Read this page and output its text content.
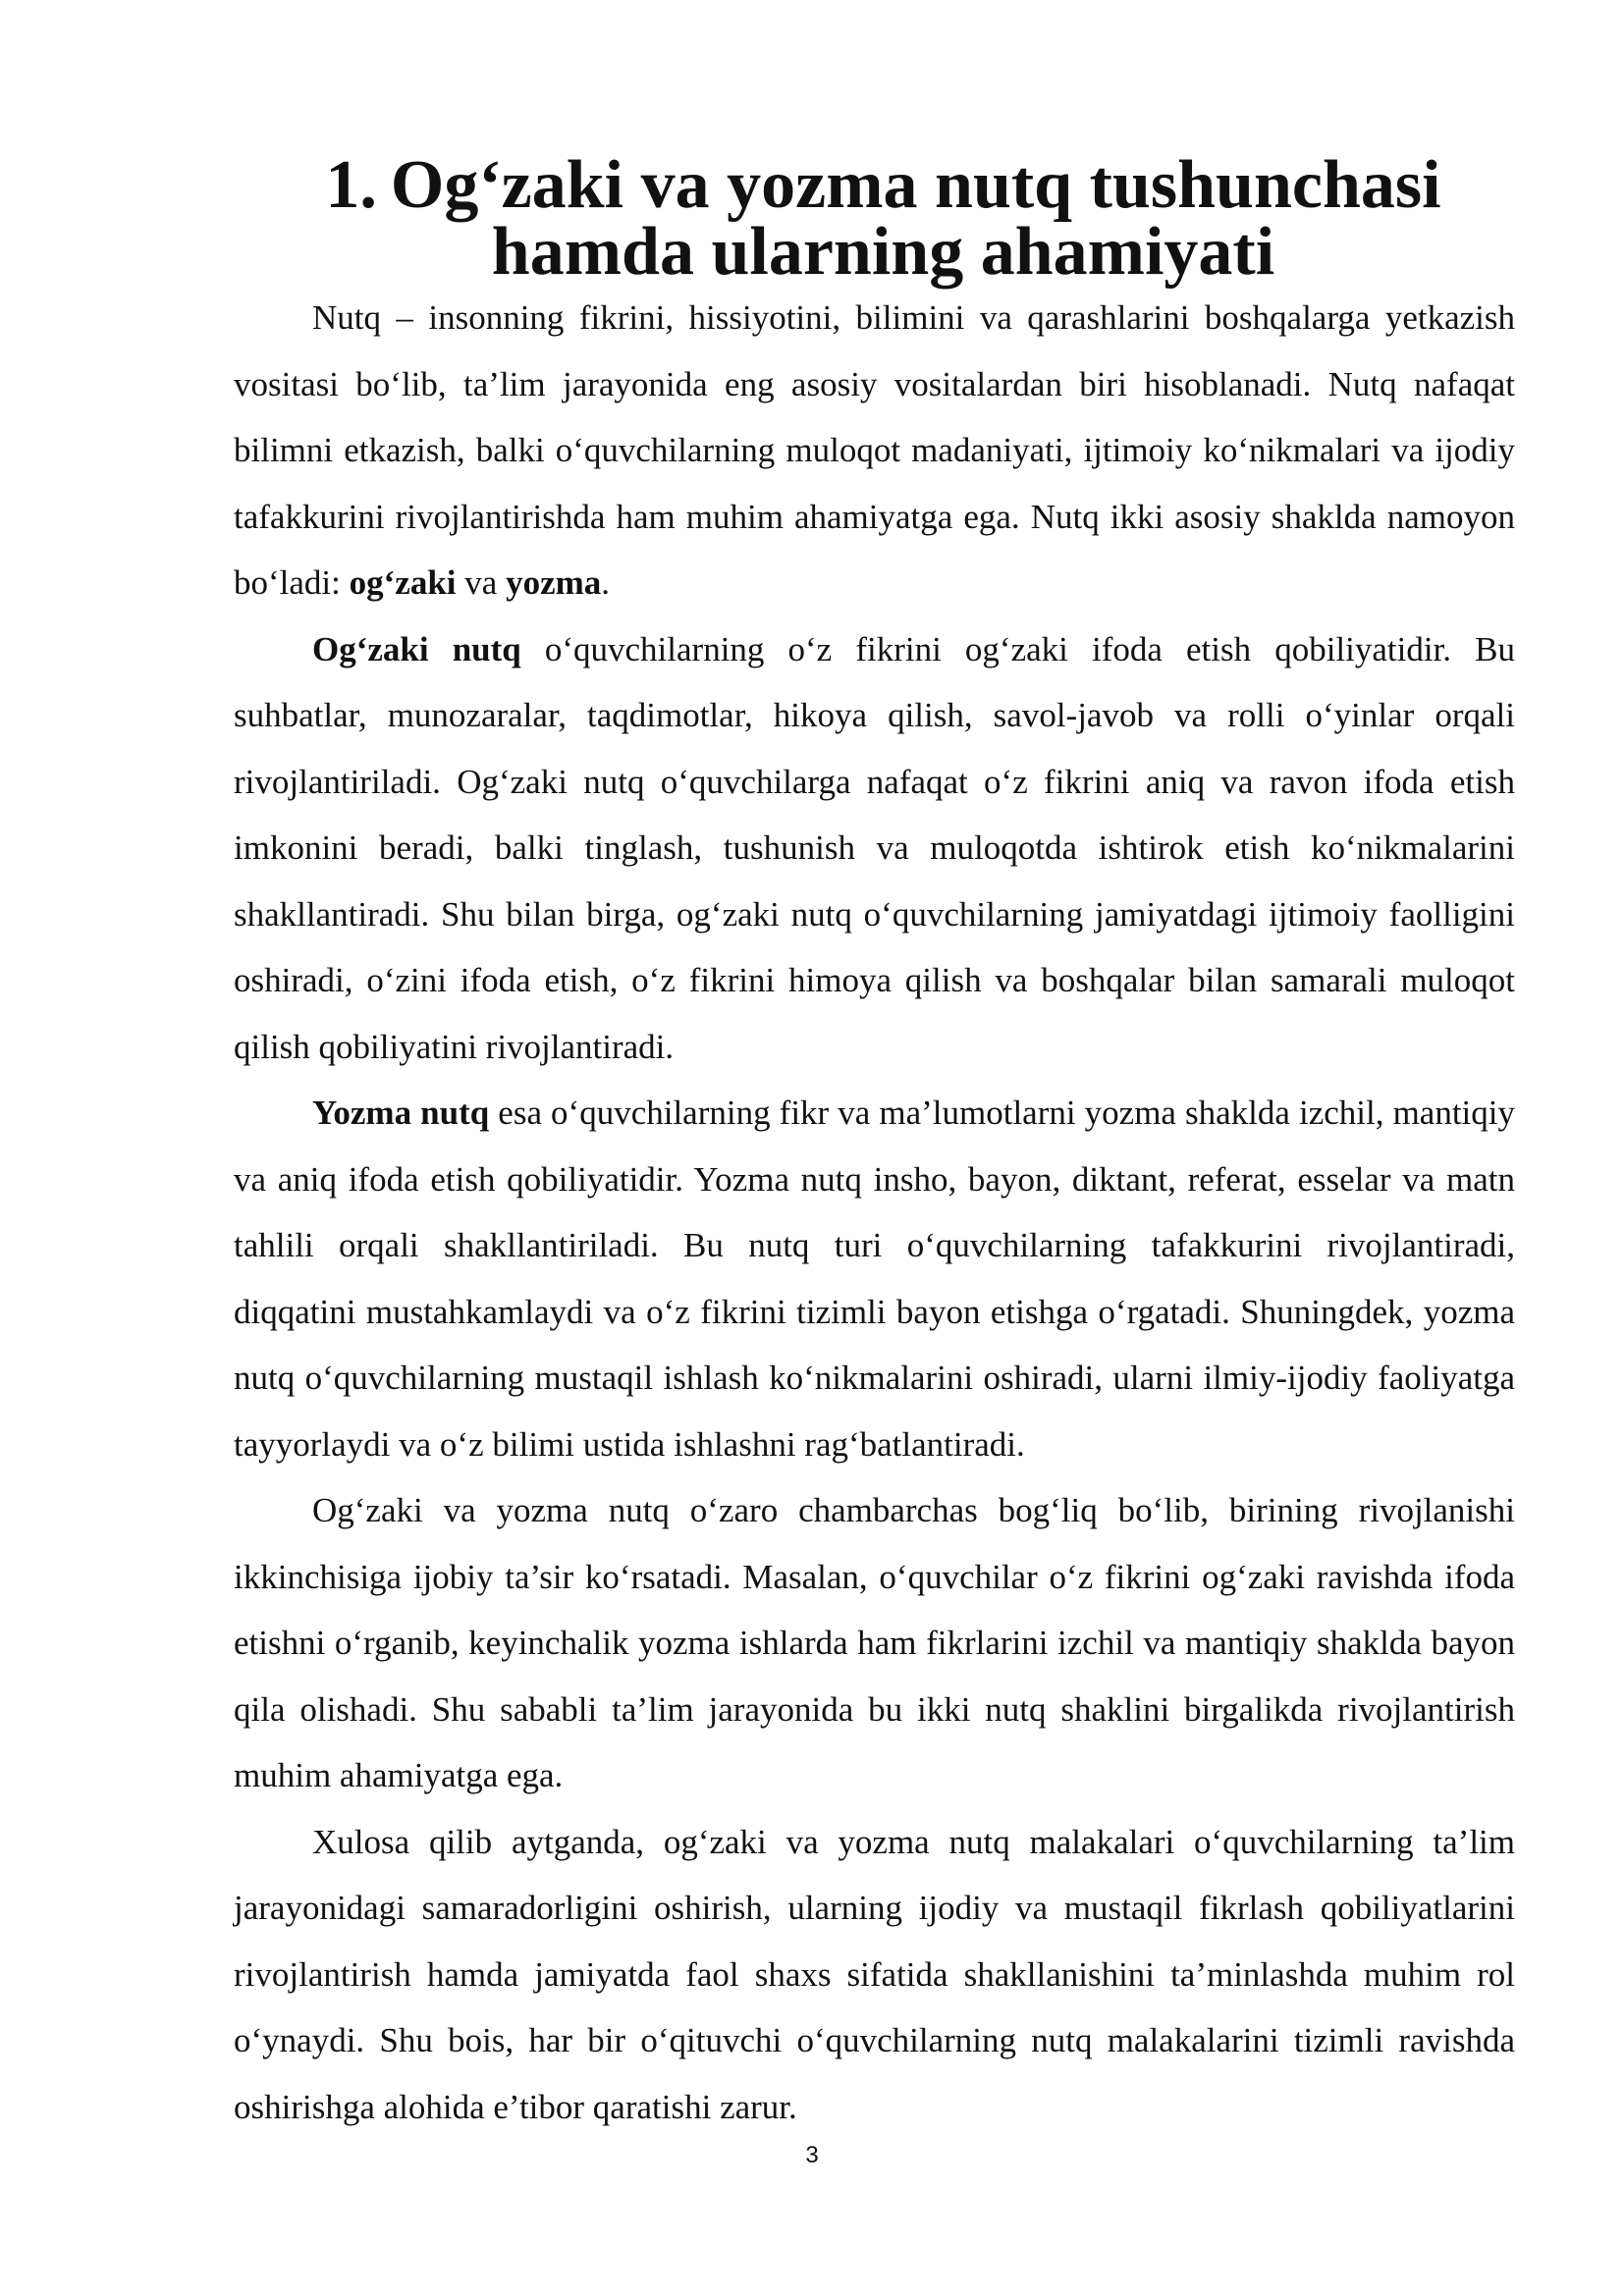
1. Og‘zaki va yozma nutq tushunchasi hamda ularning ahamiyati

Nutq – insonning fikrini, hissiyotini, bilimini va qarashlarini boshqalarga yetkazish vositasi bo‘lib, ta’lim jarayonida eng asosiy vositalardan biri hisoblanadi. Nutq nafaqat bilimni etkazish, balki o‘quvchilarning muloqot madaniyati, ijtimoiy ko‘nikmalari va ijodiy tafakkurini rivojlantirishda ham muhim ahamiyatga ega. Nutq ikki asosiy shaklda namoyon bo‘ladi: og‘zaki va yozma.

Og‘zaki nutq o‘quvchilarning o‘z fikrini og‘zaki ifoda etish qobiliyatidir. Bu suhbatlar, munozaralar, taqdimotlar, hikoya qilish, savol-javob va rolli o‘yinlar orqali rivojlantiriladi. Og‘zaki nutq o‘quvchilarga nafaqat o‘z fikrini aniq va ravon ifoda etish imkonini beradi, balki tinglash, tushunish va muloqotda ishtirok etish ko‘nikmalarini shakllantiradi. Shu bilan birga, og‘zaki nutq o‘quvchilarning jamiyatdagi ijtimoiy faolligini oshiradi, o‘zini ifoda etish, o‘z fikrini himoya qilish va boshqalar bilan samarali muloqot qilish qobiliyatini rivojlantiradi.

Yozma nutq esa o‘quvchilarning fikr va ma’lumotlarni yozma shaklda izchil, mantiqiy va aniq ifoda etish qobiliyatidir. Yozma nutq insho, bayon, diktant, referat, esselar va matn tahlili orqali shakllantiriladi. Bu nutq turi o‘quvchilarning tafakkurini rivojlantiradi, diqqatini mustahkamlaydi va o‘z fikrini tizimli bayon etishga o‘rgatadi. Shuningdek, yozma nutq o‘quvchilarning mustaqil ishlash ko‘nikmalarini oshiradi, ularni ilmiy-ijodiy faoliyatga tayyorlaydi va o‘z bilimi ustida ishlashni rag‘batlantiradi.

Og‘zaki va yozma nutq o‘zaro chambarchas bog‘liq bo‘lib, birining rivojlanishi ikkinchisiga ijobiy ta’sir ko‘rsatadi. Masalan, o‘quvchilar o‘z fikrini og‘zaki ravishda ifoda etishni o‘rganib, keyinchalik yozma ishlarda ham fikrlarini izchil va mantiqiy shaklda bayon qila olishadi. Shu sababli ta’lim jarayonida bu ikki nutq shaklini birgalikda rivojlantirish muhim ahamiyatga ega.

Xulosa qilib aytganda, og‘zaki va yozma nutq malakalari o‘quvchilarning ta’lim jarayonidagi samaradorligini oshirish, ularning ijodiy va mustaqil fikrlash qobiliyatlarini rivojlantirish hamda jamiyatda faol shaxs sifatida shakllanishini ta’minlashda muhim rol o‘ynaydi. Shu bois, har bir o‘qituvchi o‘quvchilarning nutq malakalarini tizimli ravishda oshirishga alohida e’tibor qaratishi zarur.

3
